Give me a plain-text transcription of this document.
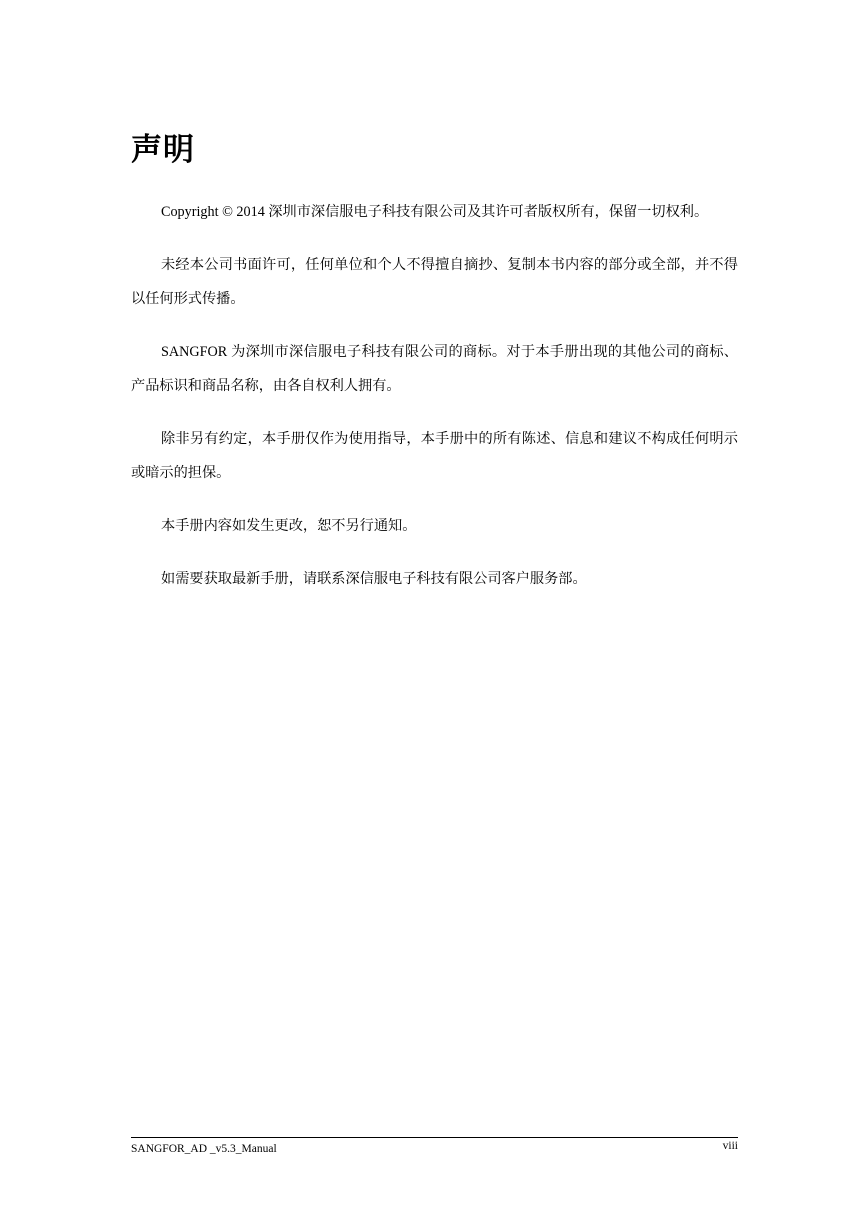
声明

Copyright © 2014 深圳市深信服电子科技有限公司及其许可者版权所有，保留一切权利。

未经本公司书面许可，任何单位和个人不得擅自摘抄、复制本书内容的部分或全部，并不得以任何形式传播。

SANGFOR 为深圳市深信服电子科技有限公司的商标。对于本手册出现的其他公司的商标、产品标识和商品名称，由各自权利人拥有。

除非另有约定，本手册仅作为使用指导，本手册中的所有陈述、信息和建议不构成任何明示或暗示的担保。

本手册内容如发生更改，恕不另行通知。

如需要获取最新手册，请联系深信服电子科技有限公司客户服务部。

SANGFOR_AD _v5.3_Manual	viii
